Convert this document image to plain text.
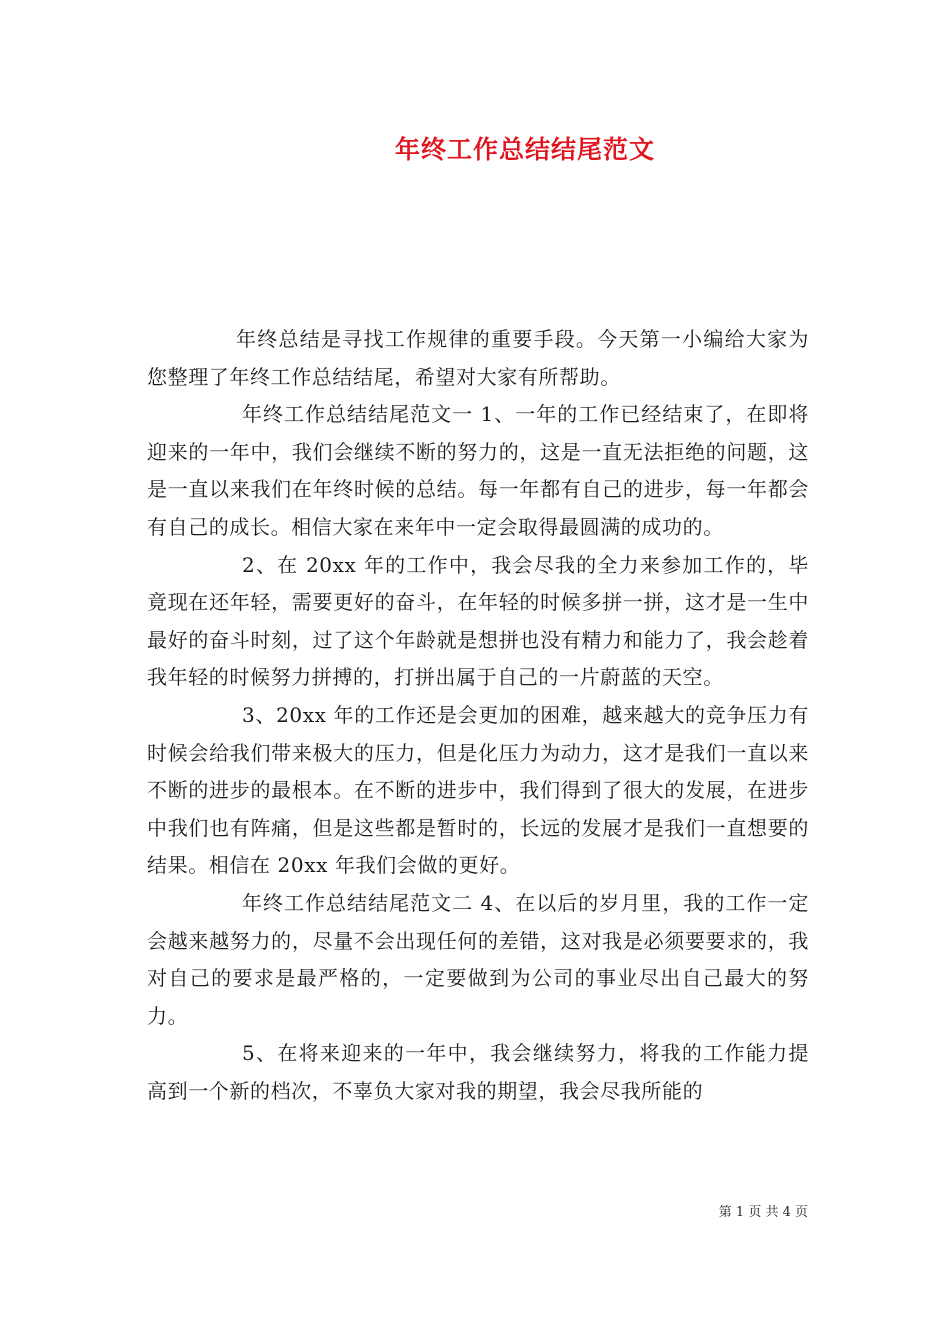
年终工作总结结尾范文

年终总结是寻找工作规律的重要手段。今天第一小编给大家为您整理了年终工作总结结尾，希望对大家有所帮助。

年终工作总结结尾范文一 1、一年的工作已经结束了，在即将迎来的一年中，我们会继续不断的努力的，这是一直无法拒绝的问题，这是一直以来我们在年终时候的总结。每一年都有自己的进步，每一年都会有自己的成长。相信大家在来年中一定会取得最圆满的成功的。

2、在 20xx 年的工作中，我会尽我的全力来参加工作的，毕竟现在还年轻，需要更好的奋斗，在年轻的时候多拼一拼，这才是一生中最好的奋斗时刻，过了这个年龄就是想拼也没有精力和能力了，我会趁着我年轻的时候努力拼搏的，打拼出属于自己的一片蔚蓝的天空。

3、20xx 年的工作还是会更加的困难，越来越大的竞争压力有时候会给我们带来极大的压力，但是化压力为动力，这才是我们一直以来不断的进步的最根本。在不断的进步中，我们得到了很大的发展，在进步中我们也有阵痛，但是这些都是暂时的，长远的发展才是我们一直想要的结果。相信在 20xx 年我们会做的更好。

年终工作总结结尾范文二 4、在以后的岁月里，我的工作一定会越来越努力的，尽量不会出现任何的差错，这对我是必须要要求的，我对自己的要求是最严格的，一定要做到为公司的事业尽出自己最大的努力。

5、在将来迎来的一年中，我会继续努力，将我的工作能力提高到一个新的档次，不辜负大家对我的期望，我会尽我所能的

第 1 页 共 4 页
